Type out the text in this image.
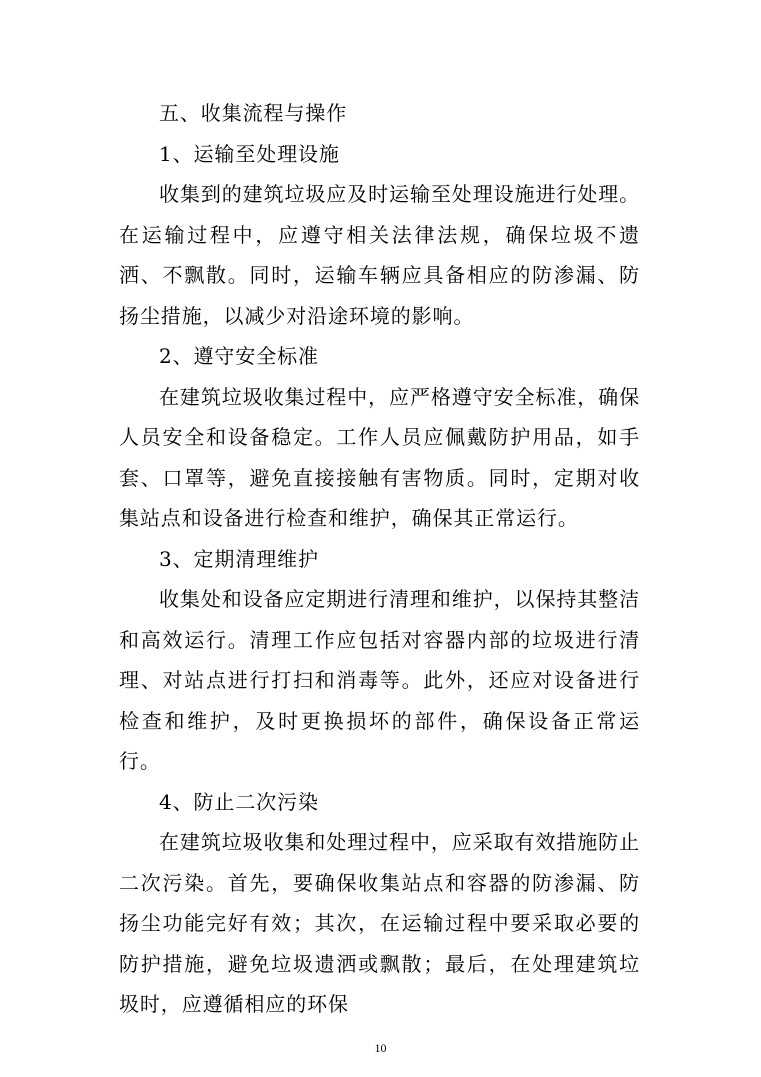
五、收集流程与操作

1、运输至处理设施

收集到的建筑垃圾应及时运输至处理设施进行处理。在运输过程中，应遵守相关法律法规，确保垃圾不遗洒、不飘散。同时，运输车辆应具备相应的防渗漏、防扬尘措施，以减少对沿途环境的影响。

2、遵守安全标准

在建筑垃圾收集过程中，应严格遵守安全标准，确保人员安全和设备稳定。工作人员应佩戴防护用品，如手套、口罩等，避免直接接触有害物质。同时，定期对收集站点和设备进行检查和维护，确保其正常运行。

3、定期清理维护

收集处和设备应定期进行清理和维护，以保持其整洁和高效运行。清理工作应包括对容器内部的垃圾进行清理、对站点进行打扫和消毒等。此外，还应对设备进行检查和维护，及时更换损坏的部件，确保设备正常运行。

4、防止二次污染

在建筑垃圾收集和处理过程中，应采取有效措施防止二次污染。首先，要确保收集站点和容器的防渗漏、防扬尘功能完好有效；其次，在运输过程中要采取必要的防护措施，避免垃圾遗洒或飘散；最后，在处理建筑垃圾时，应遵循相应的环保

10
